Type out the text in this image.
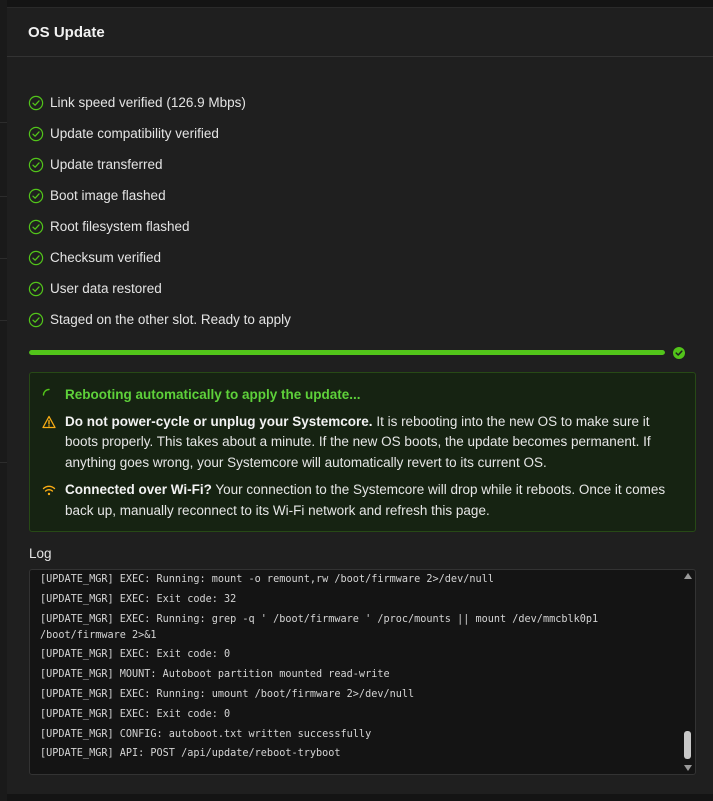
OS Update
Link speed verified (126.9 Mbps)
Update compatibility verified
Update transferred
Boot image flashed
Root filesystem flashed
Checksum verified
User data restored
Staged on the other slot. Ready to apply
Rebooting automatically to apply the update...
Do not power-cycle or unplug your Systemcore. It is rebooting into the new OS to make sure it boots properly. This takes about a minute. If the new OS boots, the update becomes permanent. If anything goes wrong, your Systemcore will automatically revert to its current OS.
Connected over Wi-Fi? Your connection to the Systemcore will drop while it reboots. Once it comes back up, manually reconnect to its Wi-Fi network and refresh this page.
Log
[UPDATE_MGR] EXEC: Running: mount -o remount,rw /boot/firmware 2>/dev/null
[UPDATE_MGR] EXEC: Exit code: 32
[UPDATE_MGR] EXEC: Running: grep -q ' /boot/firmware ' /proc/mounts || mount /dev/mmcblk0p1 /boot/firmware 2>&1
[UPDATE_MGR] EXEC: Exit code: 0
[UPDATE_MGR] MOUNT: Autoboot partition mounted read-write
[UPDATE_MGR] EXEC: Running: umount /boot/firmware 2>/dev/null
[UPDATE_MGR] EXEC: Exit code: 0
[UPDATE_MGR] CONFIG: autoboot.txt written successfully
[UPDATE_MGR] API: POST /api/update/reboot-tryboot
